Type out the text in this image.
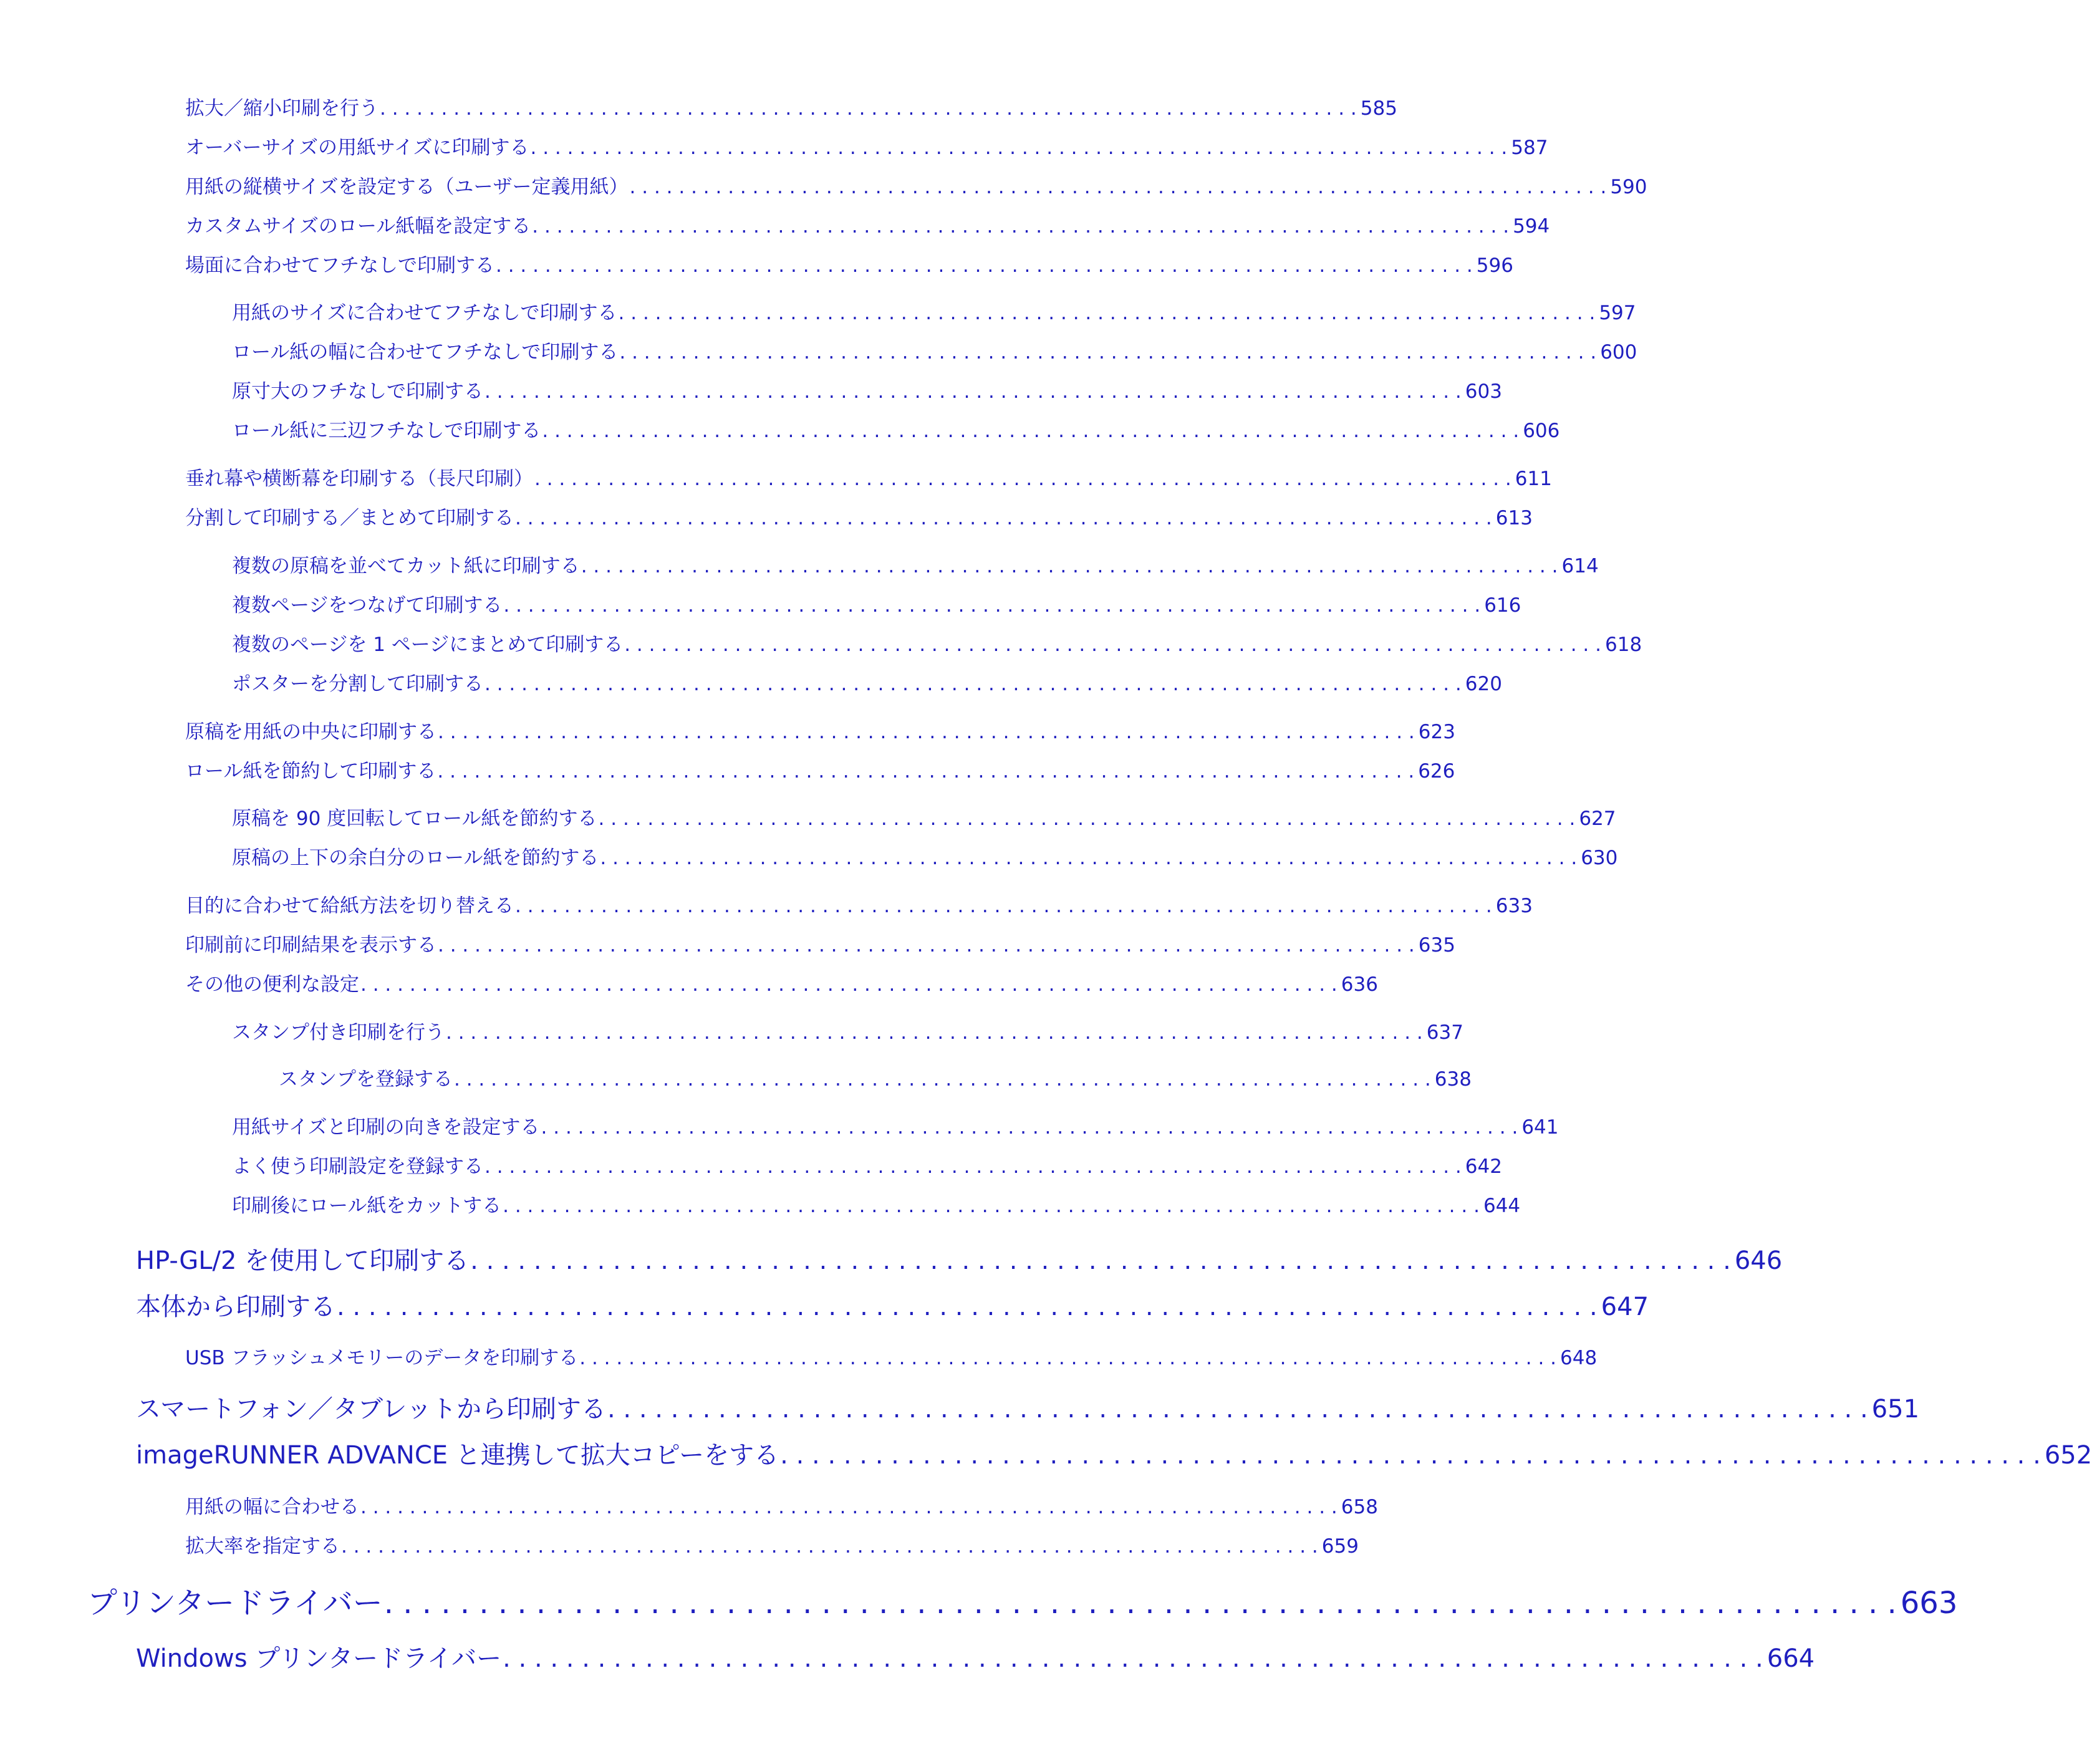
拡大／縮小印刷を行う . . . . . . . . . . . . . . . . . . . . . . . . . . . . . . . . . . . . . . . . . . . . . . . . . . . . . . . . . . . . . . . . . . . . . . . . . . . . . . . . 585
オーバーサイズの用紙サイズに印刷する . . . . . . . . . . . . . . . . . . . . . . . . . . . . . . . . . . . . . . . . . . . . . . . . . . . . . . . . . . . . . . . . . . . . . . . . . . . . . . . . 587
用紙の縦横サイズを設定する（ユーザー定義用紙） . . . . . . . . . . . . . . . . . . . . . . . . . . . . . . . . . . . . . . . . . . . . . . . . . . . . . . . . . . . . . . . . . . . . . . . . . . . . . . . . 590
カスタムサイズのロール紙幅を設定する . . . . . . . . . . . . . . . . . . . . . . . . . . . . . . . . . . . . . . . . . . . . . . . . . . . . . . . . . . . . . . . . . . . . . . . . . . . . . . . . 594
場面に合わせてフチなしで印刷する . . . . . . . . . . . . . . . . . . . . . . . . . . . . . . . . . . . . . . . . . . . . . . . . . . . . . . . . . . . . . . . . . . . . . . . . . . . . . . . . 596
用紙のサイズに合わせてフチなしで印刷する . . . . . . . . . . . . . . . . . . . . . . . . . . . . . . . . . . . . . . . . . . . . . . . . . . . . . . . . . . . . . . . . . . . . . . . . . . . . . . . . 597
ロール紙の幅に合わせてフチなしで印刷する . . . . . . . . . . . . . . . . . . . . . . . . . . . . . . . . . . . . . . . . . . . . . . . . . . . . . . . . . . . . . . . . . . . . . . . . . . . . . . . . 600
原寸大のフチなしで印刷する . . . . . . . . . . . . . . . . . . . . . . . . . . . . . . . . . . . . . . . . . . . . . . . . . . . . . . . . . . . . . . . . . . . . . . . . . . . . . . . . 603
ロール紙に三辺フチなしで印刷する . . . . . . . . . . . . . . . . . . . . . . . . . . . . . . . . . . . . . . . . . . . . . . . . . . . . . . . . . . . . . . . . . . . . . . . . . . . . . . . . 606
垂れ幕や横断幕を印刷する（長尺印刷） . . . . . . . . . . . . . . . . . . . . . . . . . . . . . . . . . . . . . . . . . . . . . . . . . . . . . . . . . . . . . . . . . . . . . . . . . . . . . . . . 611
分割して印刷する／まとめて印刷する . . . . . . . . . . . . . . . . . . . . . . . . . . . . . . . . . . . . . . . . . . . . . . . . . . . . . . . . . . . . . . . . . . . . . . . . . . . . . . . . 613
複数の原稿を並べてカット紙に印刷する . . . . . . . . . . . . . . . . . . . . . . . . . . . . . . . . . . . . . . . . . . . . . . . . . . . . . . . . . . . . . . . . . . . . . . . . . . . . . . . . 614
複数ページをつなげて印刷する . . . . . . . . . . . . . . . . . . . . . . . . . . . . . . . . . . . . . . . . . . . . . . . . . . . . . . . . . . . . . . . . . . . . . . . . . . . . . . . . 616
複数のページを 1 ページにまとめて印刷する . . . . . . . . . . . . . . . . . . . . . . . . . . . . . . . . . . . . . . . . . . . . . . . . . . . . . . . . . . . . . . . . . . . . . . . . . . . . . . . . 618
ポスターを分割して印刷する . . . . . . . . . . . . . . . . . . . . . . . . . . . . . . . . . . . . . . . . . . . . . . . . . . . . . . . . . . . . . . . . . . . . . . . . . . . . . . . . 620
原稿を用紙の中央に印刷する . . . . . . . . . . . . . . . . . . . . . . . . . . . . . . . . . . . . . . . . . . . . . . . . . . . . . . . . . . . . . . . . . . . . . . . . . . . . . . . . 623
ロール紙を節約して印刷する . . . . . . . . . . . . . . . . . . . . . . . . . . . . . . . . . . . . . . . . . . . . . . . . . . . . . . . . . . . . . . . . . . . . . . . . . . . . . . . . 626
原稿を 90 度回転してロール紙を節約する . . . . . . . . . . . . . . . . . . . . . . . . . . . . . . . . . . . . . . . . . . . . . . . . . . . . . . . . . . . . . . . . . . . . . . . . . . . . . . . . 627
原稿の上下の余白分のロール紙を節約する . . . . . . . . . . . . . . . . . . . . . . . . . . . . . . . . . . . . . . . . . . . . . . . . . . . . . . . . . . . . . . . . . . . . . . . . . . . . . . . . 630
目的に合わせて給紙方法を切り替える . . . . . . . . . . . . . . . . . . . . . . . . . . . . . . . . . . . . . . . . . . . . . . . . . . . . . . . . . . . . . . . . . . . . . . . . . . . . . . . . 633
印刷前に印刷結果を表示する . . . . . . . . . . . . . . . . . . . . . . . . . . . . . . . . . . . . . . . . . . . . . . . . . . . . . . . . . . . . . . . . . . . . . . . . . . . . . . . . 635
その他の便利な設定 . . . . . . . . . . . . . . . . . . . . . . . . . . . . . . . . . . . . . . . . . . . . . . . . . . . . . . . . . . . . . . . . . . . . . . . . . . . . . . . . 636
スタンプ付き印刷を行う . . . . . . . . . . . . . . . . . . . . . . . . . . . . . . . . . . . . . . . . . . . . . . . . . . . . . . . . . . . . . . . . . . . . . . . . . . . . . . . . 637
スタンプを登録する . . . . . . . . . . . . . . . . . . . . . . . . . . . . . . . . . . . . . . . . . . . . . . . . . . . . . . . . . . . . . . . . . . . . . . . . . . . . . . . . 638
用紙サイズと印刷の向きを設定する . . . . . . . . . . . . . . . . . . . . . . . . . . . . . . . . . . . . . . . . . . . . . . . . . . . . . . . . . . . . . . . . . . . . . . . . . . . . . . . . 641
よく使う印刷設定を登録する . . . . . . . . . . . . . . . . . . . . . . . . . . . . . . . . . . . . . . . . . . . . . . . . . . . . . . . . . . . . . . . . . . . . . . . . . . . . . . . . 642
印刷後にロール紙をカットする . . . . . . . . . . . . . . . . . . . . . . . . . . . . . . . . . . . . . . . . . . . . . . . . . . . . . . . . . . . . . . . . . . . . . . . . . . . . . . . . 644
HP-GL/2 を使用して印刷する . . . . . . . . . . . . . . . . . . . . . . . . . . . . . . . . . . . . . . . . . . . . . . . . . . . . . . . . . . . . . . . . . . . . . . . . . . . . . . . . 646
本体から印刷する . . . . . . . . . . . . . . . . . . . . . . . . . . . . . . . . . . . . . . . . . . . . . . . . . . . . . . . . . . . . . . . . . . . . . . . . . . . . . . . . 647
USB フラッシュメモリーのデータを印刷する . . . . . . . . . . . . . . . . . . . . . . . . . . . . . . . . . . . . . . . . . . . . . . . . . . . . . . . . . . . . . . . . . . . . . . . . . . . . . . . . 648
スマートフォン／タブレットから印刷する . . . . . . . . . . . . . . . . . . . . . . . . . . . . . . . . . . . . . . . . . . . . . . . . . . . . . . . . . . . . . . . . . . . . . . . . . . . . . . . . 651
imageRUNNER ADVANCE と連携して拡大コピーをする . . . . . . . . . . . . . . . . . . . . . . . . . . . . . . . . . . . . . . . . . . . . . . . . . . . . . . . . . . . . . . . . . . . . . . . . . . . . . . . . 652
用紙の幅に合わせる . . . . . . . . . . . . . . . . . . . . . . . . . . . . . . . . . . . . . . . . . . . . . . . . . . . . . . . . . . . . . . . . . . . . . . . . . . . . . . . . 658
拡大率を指定する . . . . . . . . . . . . . . . . . . . . . . . . . . . . . . . . . . . . . . . . . . . . . . . . . . . . . . . . . . . . . . . . . . . . . . . . . . . . . . . . 659
プリンタードライバー . . . . . . . . . . . . . . . . . . . . . . . . . . . . . . . . . . . . . . . . . . . . . . . . . . . . . . . . . . . . . . . . . . . . . . . . . . . . . . . . 663
Windows プリンタードライバー . . . . . . . . . . . . . . . . . . . . . . . . . . . . . . . . . . . . . . . . . . . . . . . . . . . . . . . . . . . . . . . . . . . . . . . . . . . . . . . . 664
